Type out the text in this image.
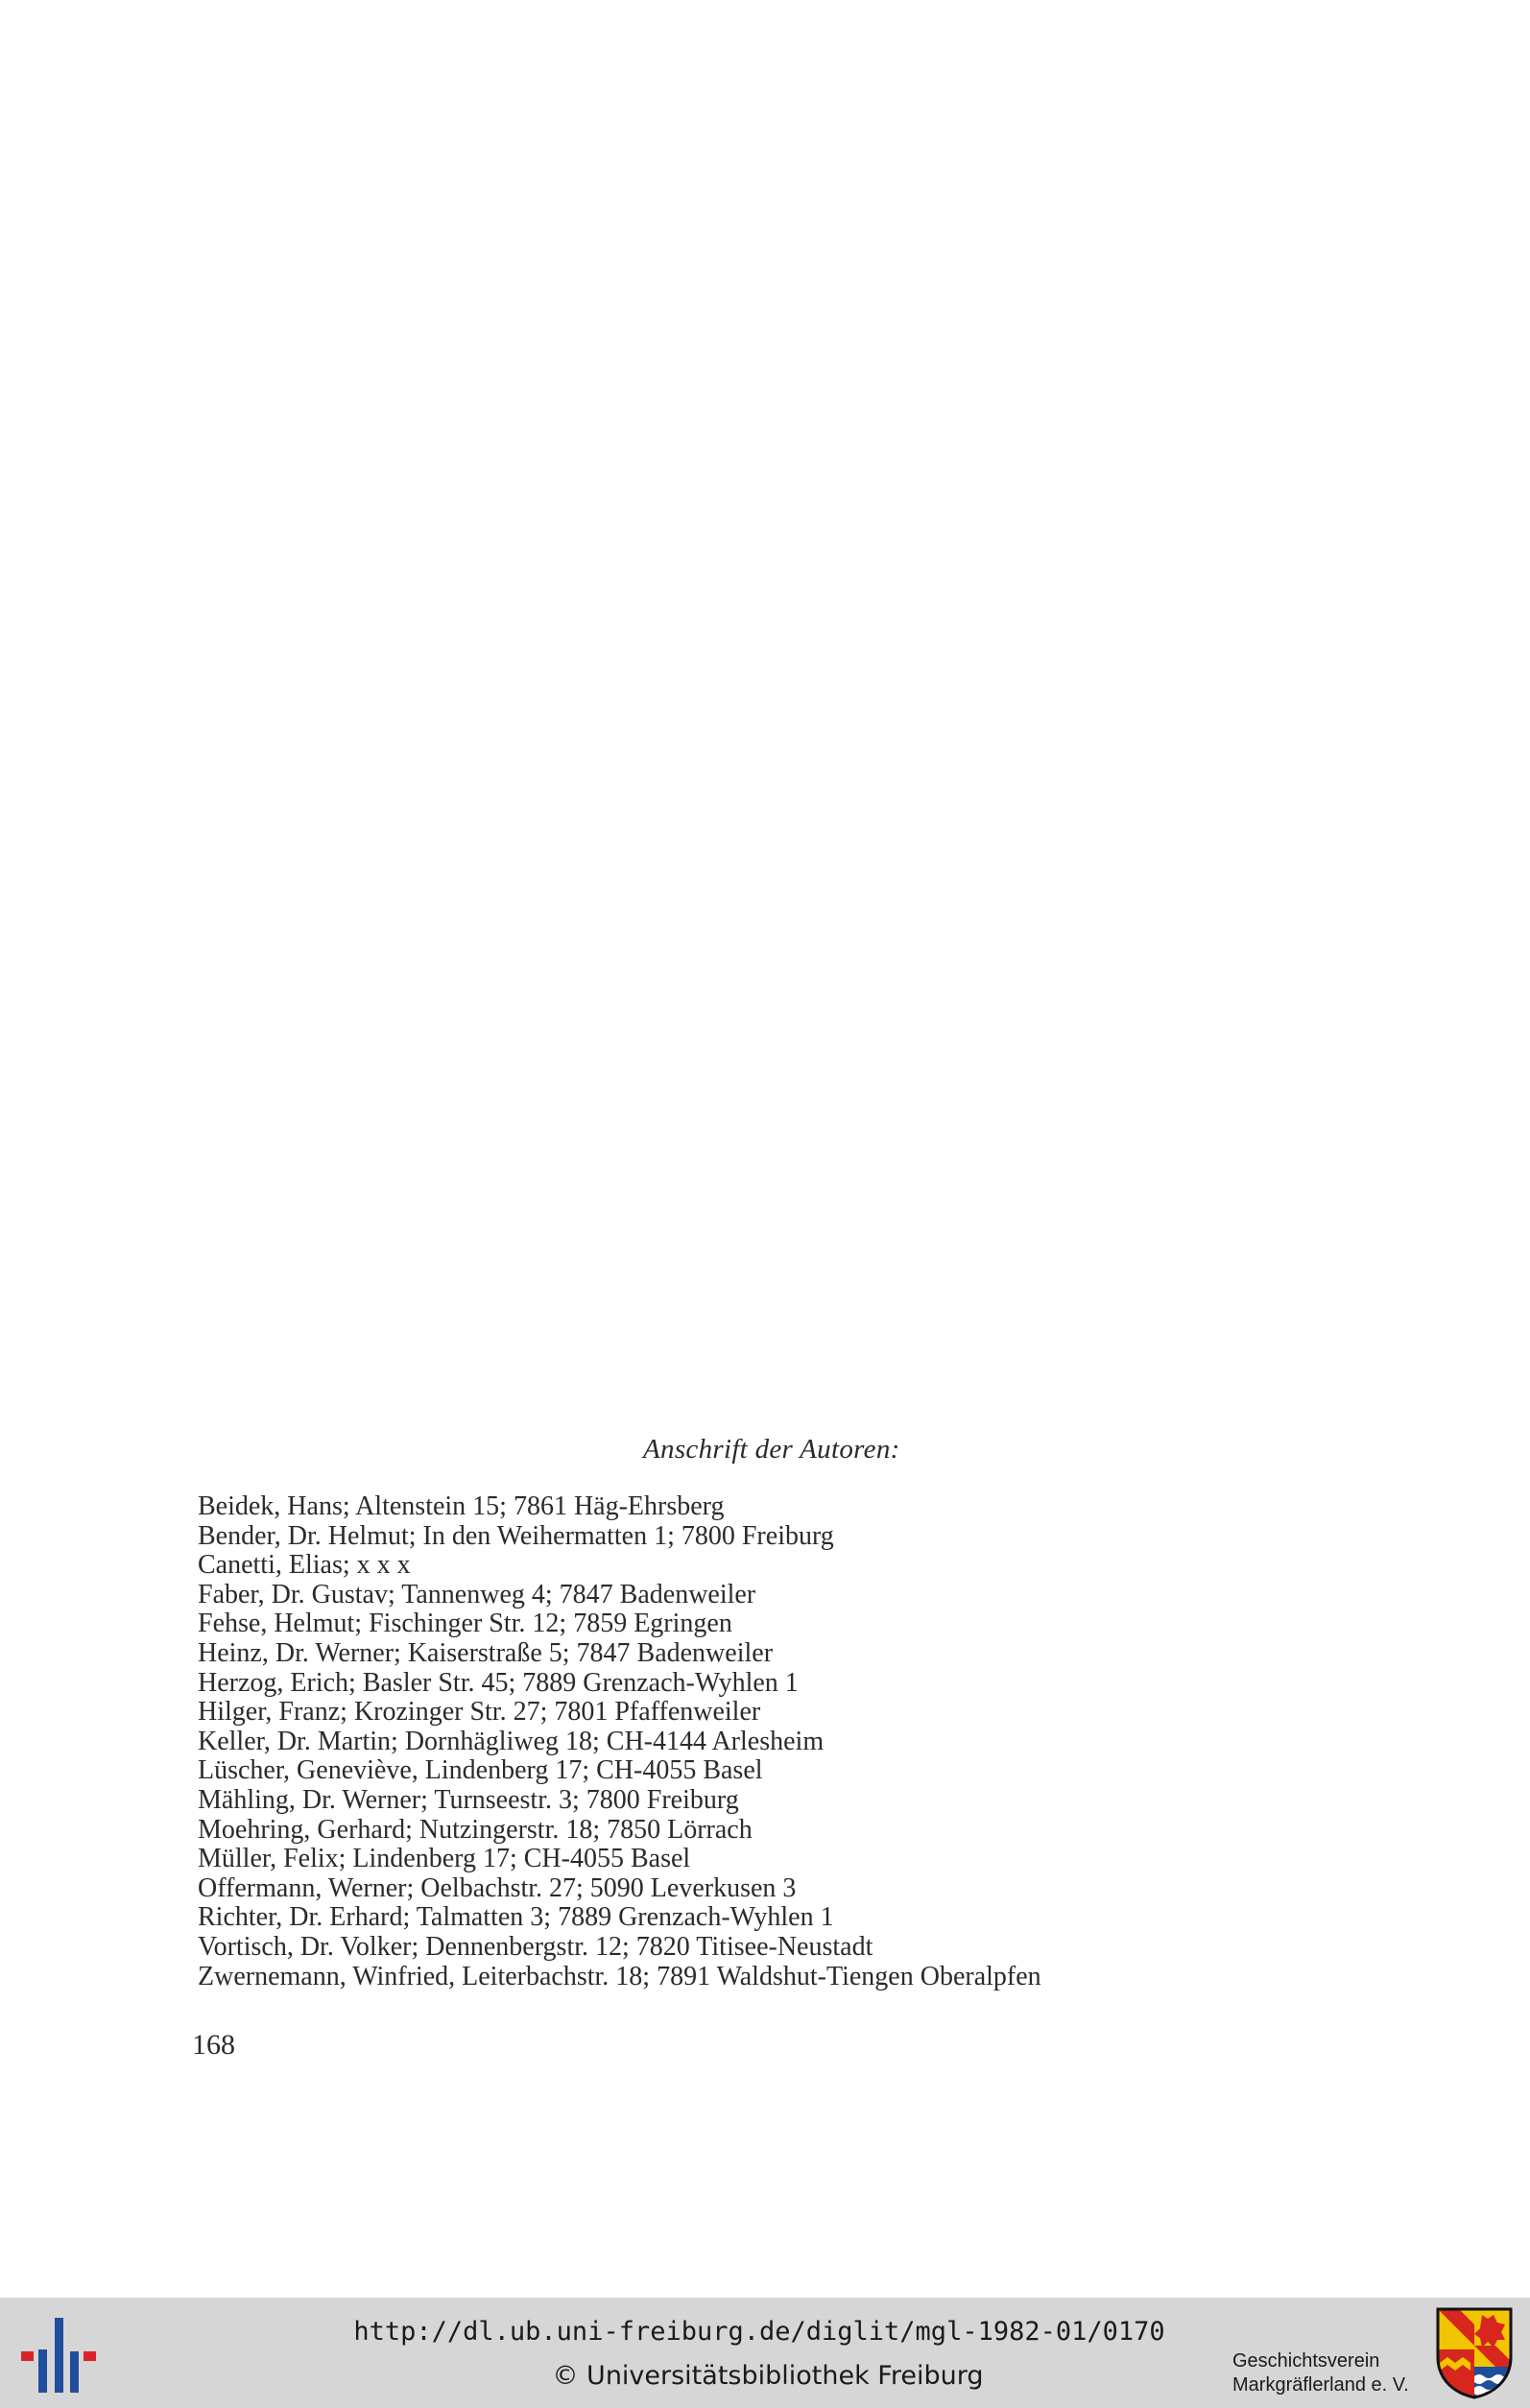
Anschrift der Autoren:
Beidek, Hans; Altenstein 15; 7861 Häg-Ehrsberg
Bender, Dr. Helmut; In den Weihermatten 1; 7800 Freiburg
Canetti, Elias; x x x
Faber, Dr. Gustav; Tannenweg 4; 7847 Badenweiler
Fehse, Helmut; Fischinger Str. 12; 7859 Egringen
Heinz, Dr. Werner; Kaiserstraße 5; 7847 Badenweiler
Herzog, Erich; Basler Str. 45; 7889 Grenzach-Wyhlen 1
Hilger, Franz; Krozinger Str. 27; 7801 Pfaffenweiler
Keller, Dr. Martin; Dornhägliweg 18; CH-4144 Arlesheim
Lüscher, Geneviève, Lindenberg 17; CH-4055 Basel
Mähling, Dr. Werner; Turnseestr. 3; 7800 Freiburg
Moehring, Gerhard; Nutzingerstr. 18; 7850 Lörrach
Müller, Felix; Lindenberg 17; CH-4055 Basel
Offermann, Werner; Oelbachstr. 27; 5090 Leverkusen 3
Richter, Dr. Erhard; Talmatten 3; 7889 Grenzach-Wyhlen 1
Vortisch, Dr. Volker; Dennenbergstr. 12; 7820 Titisee-Neustadt
Zwernemann, Winfried, Leiterbachstr. 18; 7891 Waldshut-Tiengen Oberalpfen
168
http://dl.ub.uni-freiburg.de/diglit/mgl-1982-01/0170
© Universitätsbibliothek Freiburg	Geschichtsverein
Markgräflerland e. V.
